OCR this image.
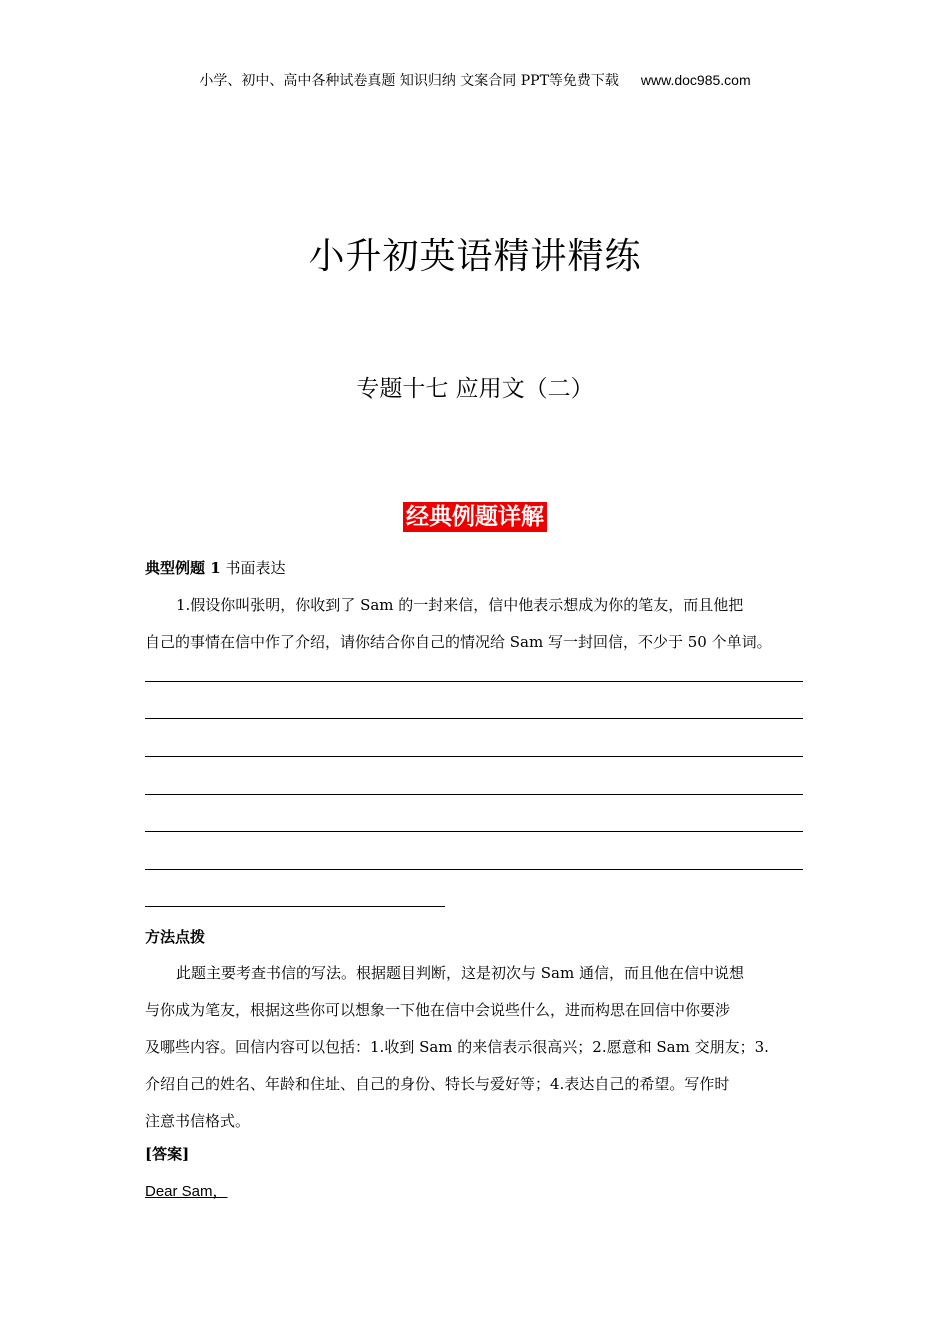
小学、初中、高中各种试卷真题 知识归纳 文案合同 PPT等免费下载 www.doc985.com
小升初英语精讲精练
专题十七 应用文（二）
经典例题详解
典型例题 1 书面表达
1.假设你叫张明，你收到了 Sam 的一封来信，信中他表示想成为你的笔友，而且他把
自己的事情在信中作了介绍，请你结合你自己的情况给 Sam 写一封回信，不少于 50 个单词。
方法点拨
此题主要考查书信的写法。根据题目判断，这是初次与 Sam 通信，而且他在信中说想
与你成为笔友，根据这些你可以想象一下他在信中会说些什么，进而构思在回信中你要涉
及哪些内容。回信内容可以包括：1.收到 Sam 的来信表示很高兴；2.愿意和 Sam 交朋友；3.
介绍自己的姓名、年龄和住址、自己的身份、特长与爱好等；4.表达自己的希望。写作时
注意书信格式。
[答案]
Dear Sam，
